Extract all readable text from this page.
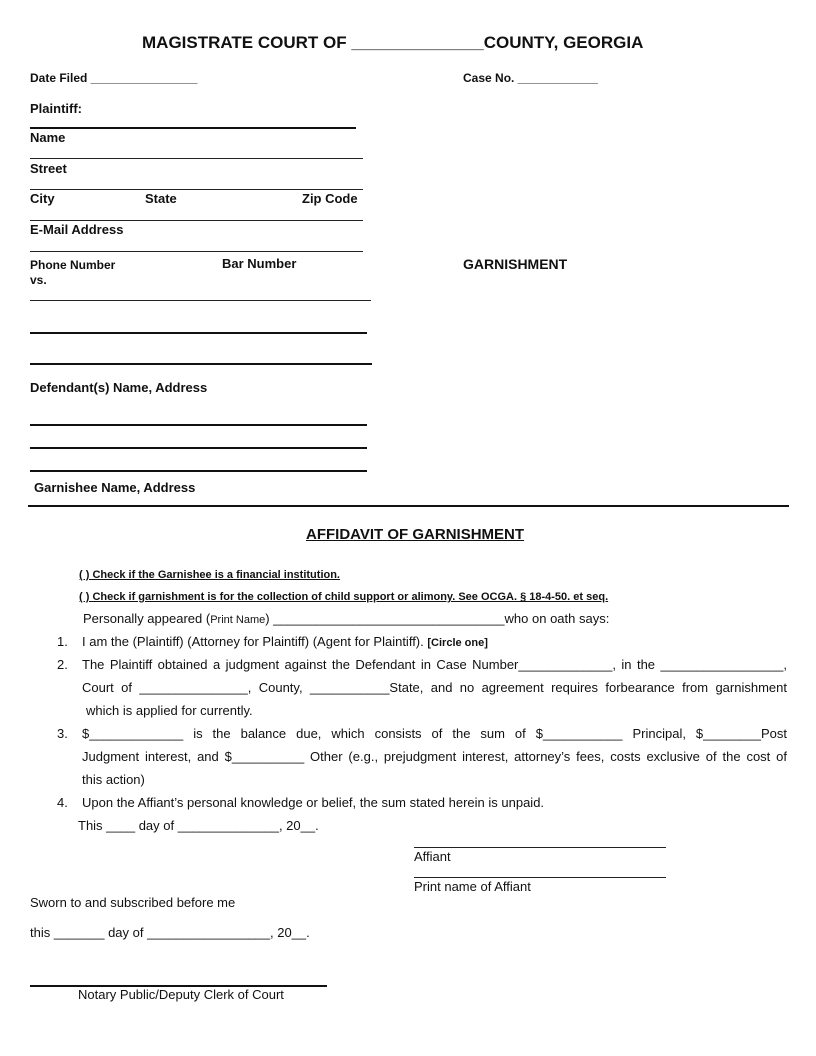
MAGISTRATE COURT OF ______________COUNTY, GEORGIA
Date Filed ________________	Case No. ____________
Plaintiff:
Name
Street
City	State	Zip Code
E-Mail Address
Phone Number	Bar Number
vs.
GARNISHMENT
Defendant(s) Name, Address
Garnishee Name, Address
AFFIDAVIT OF GARNISHMENT
( ) Check if the Garnishee is a financial institution.
( ) Check if garnishment is for the collection of child support or alimony. See OCGA. § 18-4-50. et seq.
Personally appeared (Print Name) ________________________________who on oath says:
1. I am the (Plaintiff) (Attorney for Plaintiff) (Agent for Plaintiff). [Circle one]
2. The Plaintiff obtained a judgment against the Defendant in Case Number_____________, in the _________________,
Court of _______________, County, ___________State, and no agreement requires forbearance from garnishment
which is applied for currently.
3. $_____________ is the balance due, which consists of the sum of $___________ Principal, $________Post
Judgment interest, and $__________ Other (e.g., prejudgment interest, attorney’s fees, costs exclusive of the cost of
this action)
4. Upon the Affiant’s personal knowledge or belief, the sum stated herein is unpaid.
This ____ day of ______________, 20__.
Affiant
Print name of Affiant
Sworn to and subscribed before me
this _______ day of _________________, 20__.
Notary Public/Deputy Clerk of Court
